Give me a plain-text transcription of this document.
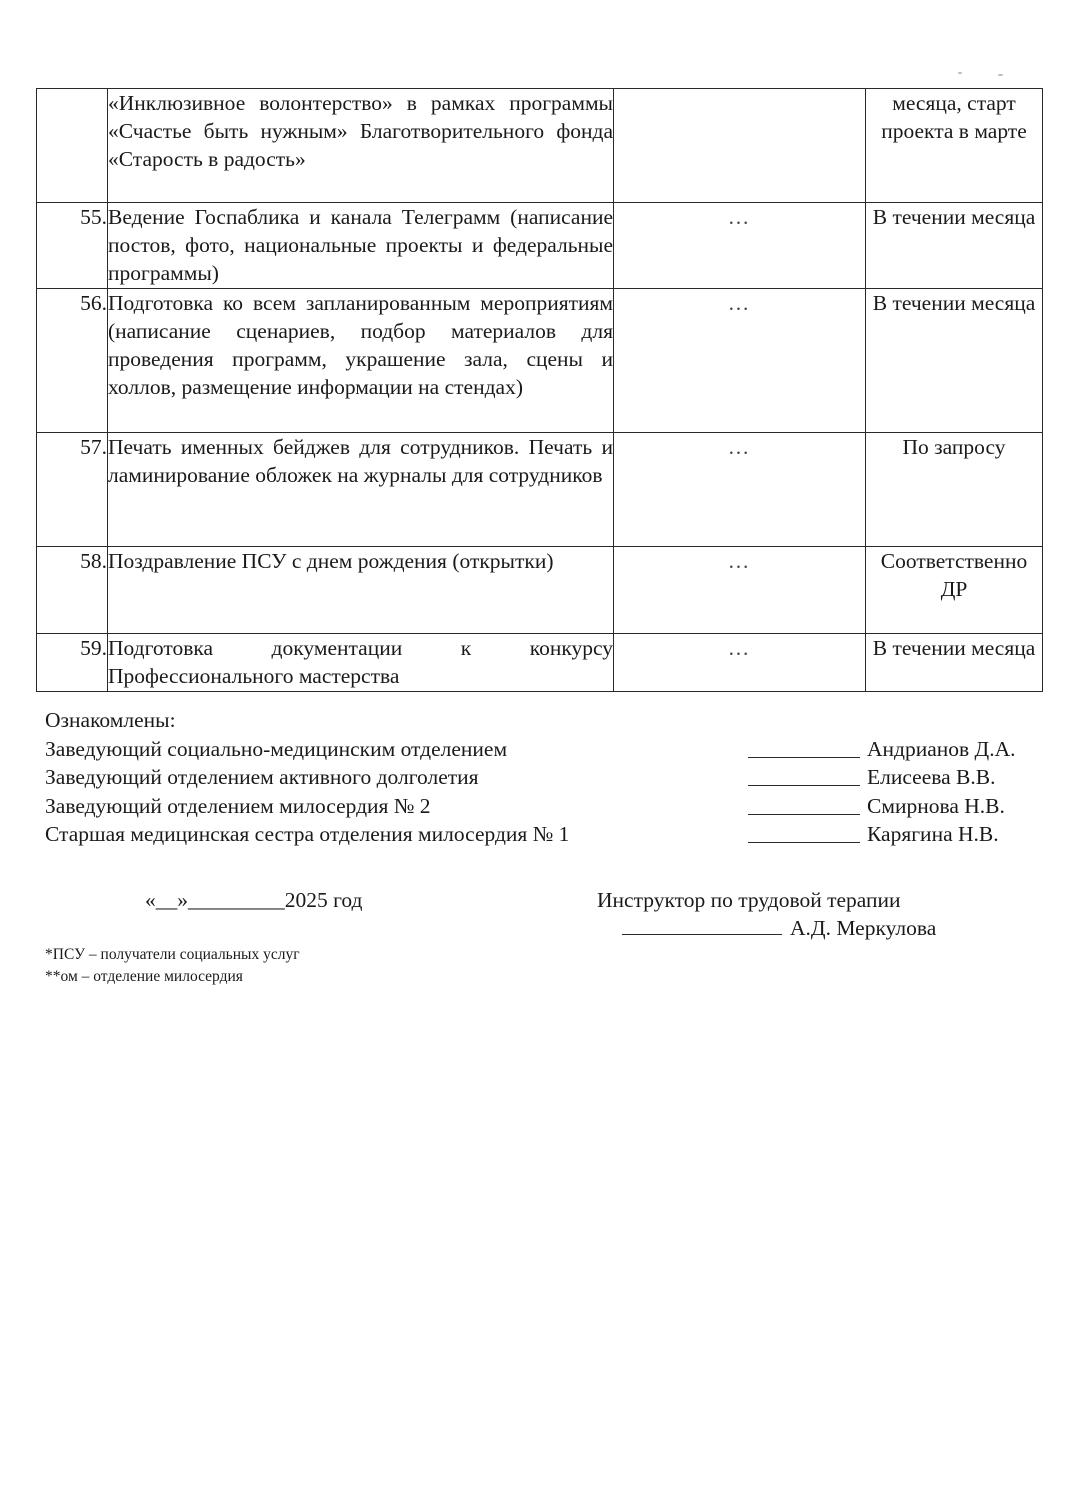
	«Инклюзивное волонтерство» в рамках программы «Счастье быть нужным» Благотворительного фонда «Старость в радость»		месяца, старт проекта в марте
55.	Ведение Госпаблика и канала Телеграмм (написание постов, фото, национальные проекты и федеральные программы)	…	В течении месяца
56.	Подготовка ко всем запланированным мероприятиям (написание сценариев, подбор материалов для проведения программ, украшение зала, сцены и холлов, размещение информации на стендах)	…	В течении месяца
57.	Печать именных бейджев для сотрудников. Печать и ламинирование обложек на журналы для сотрудников	…	По запросу
58.	Поздравление ПСУ с днем рождения (открытки)	…	Соответственно ДР
59.	Подготовка документации к конкурсу Профессионального мастерства	…	В течении месяца
Ознакомлены:
Заведующий социально-медицинским отделением	Андрианов Д.А.
Заведующий отделением активного долголетия	Елисеева В.В.
Заведующий отделением милосердия № 2	Смирнова Н.В.
Старшая медицинская сестра отделения милосердия № 1	Карягина Н.В.
«__»_________2025 год	Инструктор по трудовой терапии
А.Д. Меркулова
*ПСУ – получатели социальных услуг
**ом – отделение милосердия
